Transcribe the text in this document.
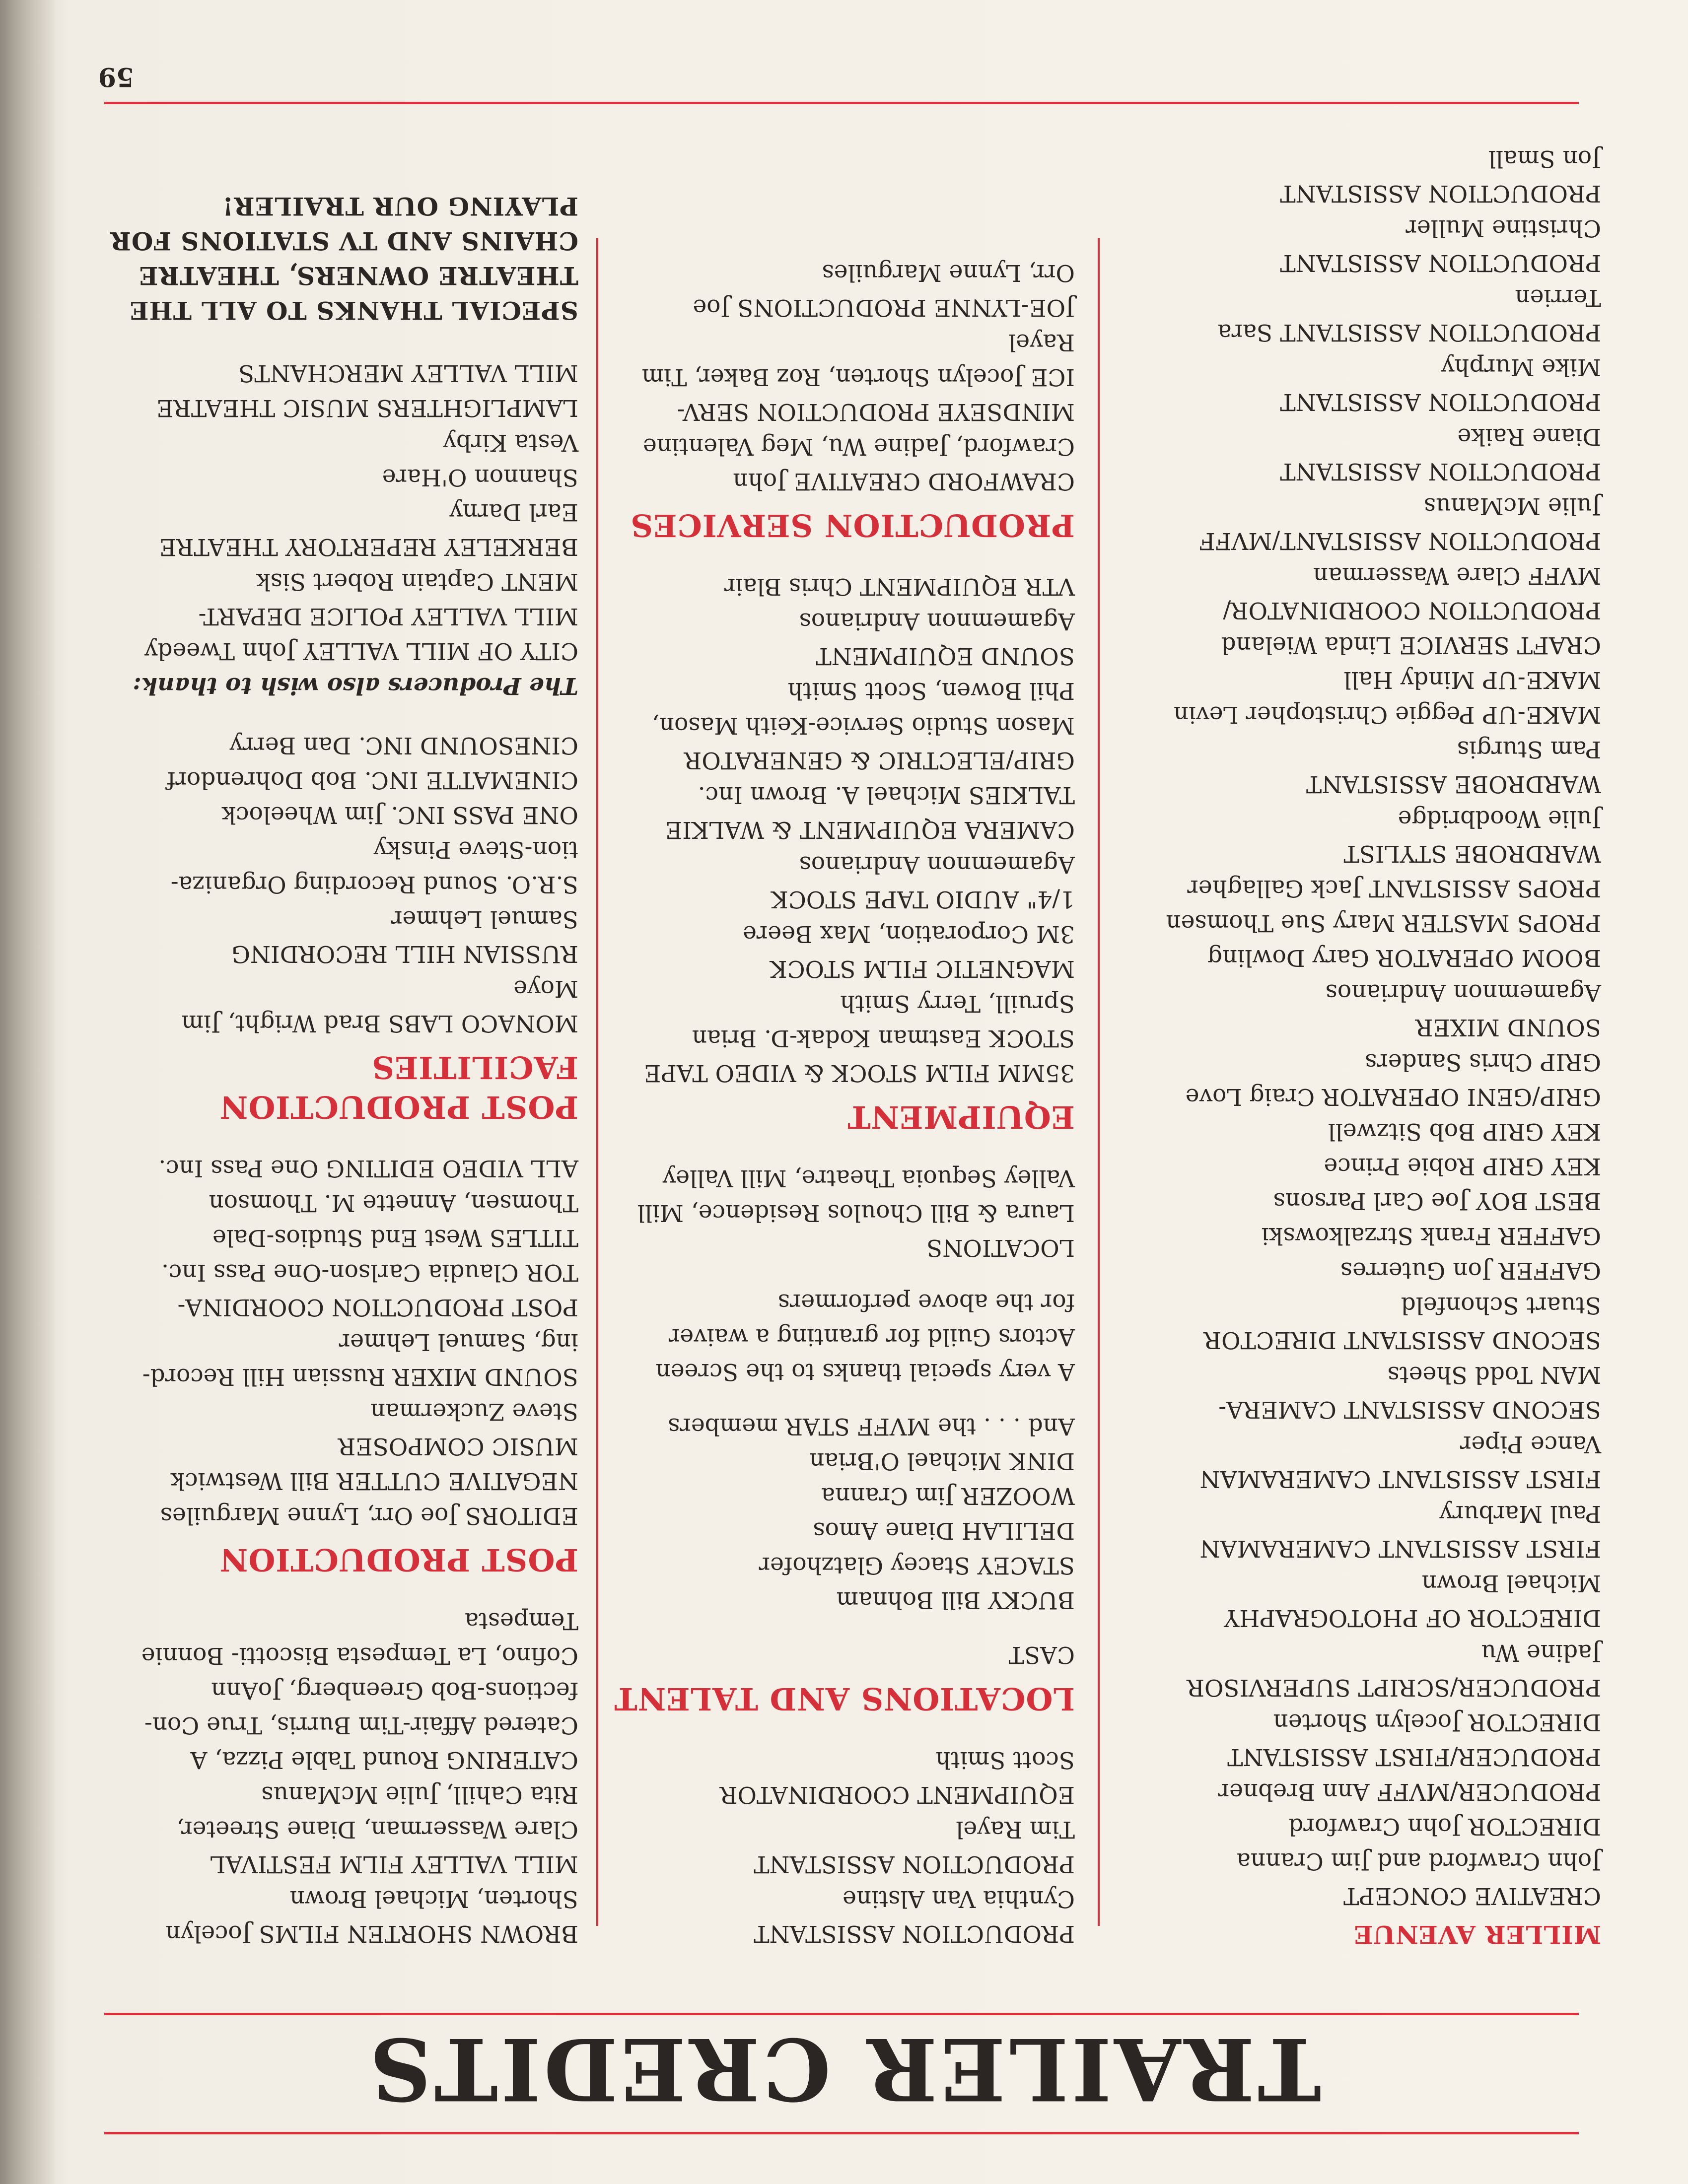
TRAILER CREDITS
MILLER AVENUE
CREATIVE CONCEPT
John Crawford and Jim Cranna
DIRECTOR John Crawford
PRODUCER/MVFF Ann Brebner
PRODUCER/FIRST ASSISTANT
DIRECTOR Jocelyn Shorten
PRODUCER/SCRIPT SUPERVISOR
Jadine Wu
DIRECTOR OF PHOTOGRAPHY
Michael Brown
FIRST ASSISTANT CAMERAMAN
Paul Marbury
FIRST ASSISTANT CAMERAMAN
Vance Piper
SECOND ASSISTANT CAMERA-
MAN Todd Sheets
SECOND ASSISTANT DIRECTOR
Stuart Schonfeld
GAFFER Jon Guterres
GAFFER Frank Strzalkowski
BEST BOY Joe Carl Parsons
KEY GRIP Robie Prince
KEY GRIP Bob Sitzwell
GRIP/GENI OPERATOR Craig Love
GRIP Chris Sanders
SOUND MIXER
Agamemnon Andrianos
BOOM OPERATOR Gary Dowling
PROPS MASTER Mary Sue Thomsen
PROPS ASSISTANT Jack Gallagher
WARDROBE STYLIST
Julie Woodbridge
WARDROBE ASSISTANT
Pam Sturgis
MAKE-UP Peggie Christopher Levin
MAKE-UP Mindy Hall
CRAFT SERVICE Linda Wieland
PRODUCTION COORDINATOR/
MVFF Clare Wasserman
PRODUCTION ASSISTANT/MVFF
Julie McManus
PRODUCTION ASSISTANT
Diane Raike
PRODUCTION ASSISTANT
Mike Murphy
PRODUCTION ASSISTANT Sara
Terrien
PRODUCTION ASSISTANT
Christine Muller
PRODUCTION ASSISTANT
Jon Small
PRODUCTION ASSISTANT
Cynthia Van Alstine
PRODUCTION ASSISTANT
Tim Rayel
EQUIPMENT COORDINATOR
Scott Smith
LOCATIONS AND TALENT
CAST
BUCKY Bill Bohnam
STACEY Stacey Glatzhofer
DELILAH Diane Amos
WOOZER Jim Cranna
DINK Michael O'Brian
And . . . the MVFF STAR members
A very special thanks to the Screen
Actors Guild for granting a waiver
for the above performers
LOCATIONS
Laura & Bill Choulos Residence, Mill
Valley Sequoia Theatre, Mill Valley
EQUIPMENT
35MM FILM STOCK & VIDEO TAPE
STOCK Eastman Kodak-D. Brian
Spruill, Terry Smith
MAGNETIC FILM STOCK
3M Corporation, Max Beere
1/4" AUDIO TAPE STOCK
Agamemnon Andrianos
CAMERA EQUIPMENT & WALKIE
TALKIES Michael A. Brown Inc.
GRIP/ELECTRIC & GENERATOR
Mason Studio Service-Keith Mason,
Phil Bowen, Scott Smith
SOUND EQUIPMENT
Agamemnon Andrianos
VTR EQUIPMENT Chris Blair
PRODUCTION SERVICES
CRAWFORD CREATIVE John
Crawford, Jadine Wu, Meg Valentine
MINDSEYE PRODUCTION SERV-
ICE Jocelyn Shorten, Roz Baker, Tim
Rayel
JOE-LYNNE PRODUCTIONS Joe
Orr, Lynne Marguiles
BROWN SHORTEN FILMS Jocelyn
Shorten, Michael Brown
MILL VALLEY FILM FESTIVAL
Clare Wasserman, Diane Streeter,
Rita Cahill, Julie McManus
CATERING Round Table Pizza, A
Catered Affair-Tim Burris, True Con-
fections-Bob Greenberg, JoAnn
Cofino, La Tempesta Biscotti- Bonnie
Tempesta
POST PRODUCTION
EDITORS Joe Orr, Lynne Marguiles
NEGATIVE CUTTER Bill Westwick
MUSIC COMPOSER
Steve Zuckerman
SOUND MIXER Russian Hill Record-
ing, Samuel Lehmer
POST PRODUCTION COORDINA-
TOR Claudia Carlson-One Pass Inc.
TITLES West End Studios-Dale
Thomsen, Annette M. Thomson
ALL VIDEO EDITING One Pass Inc.
POST PRODUCTION
FACILITIES
MONACO LABS Brad Wright, Jim
Moye
RUSSIAN HILL RECORDING
Samuel Lehmer
S.R.O. Sound Recording Organiza-
tion-Steve Pinsky
ONE PASS INC. Jim Wheelock
CINEMATTE INC. Bob Dohrendorf
CINESOUND INC. Dan Berry
The Producers also wish to thank:
CITY OF MILL VALLEY John Tweedy
MILL VALLEY POLICE DEPART-
MENT Captain Robert Sisk
BERKELEY REPERTORY THEATRE
Earl Darny
Shannon O'Hare
Vesta Kirby
LAMPLIGHTERS MUSIC THEATRE
MILL VALLEY MERCHANTS
SPECIAL THANKS TO ALL THE
THEATRE OWNERS, THEATRE
CHAINS AND TV STATIONS FOR
PLAYING OUR TRAILER!
59
